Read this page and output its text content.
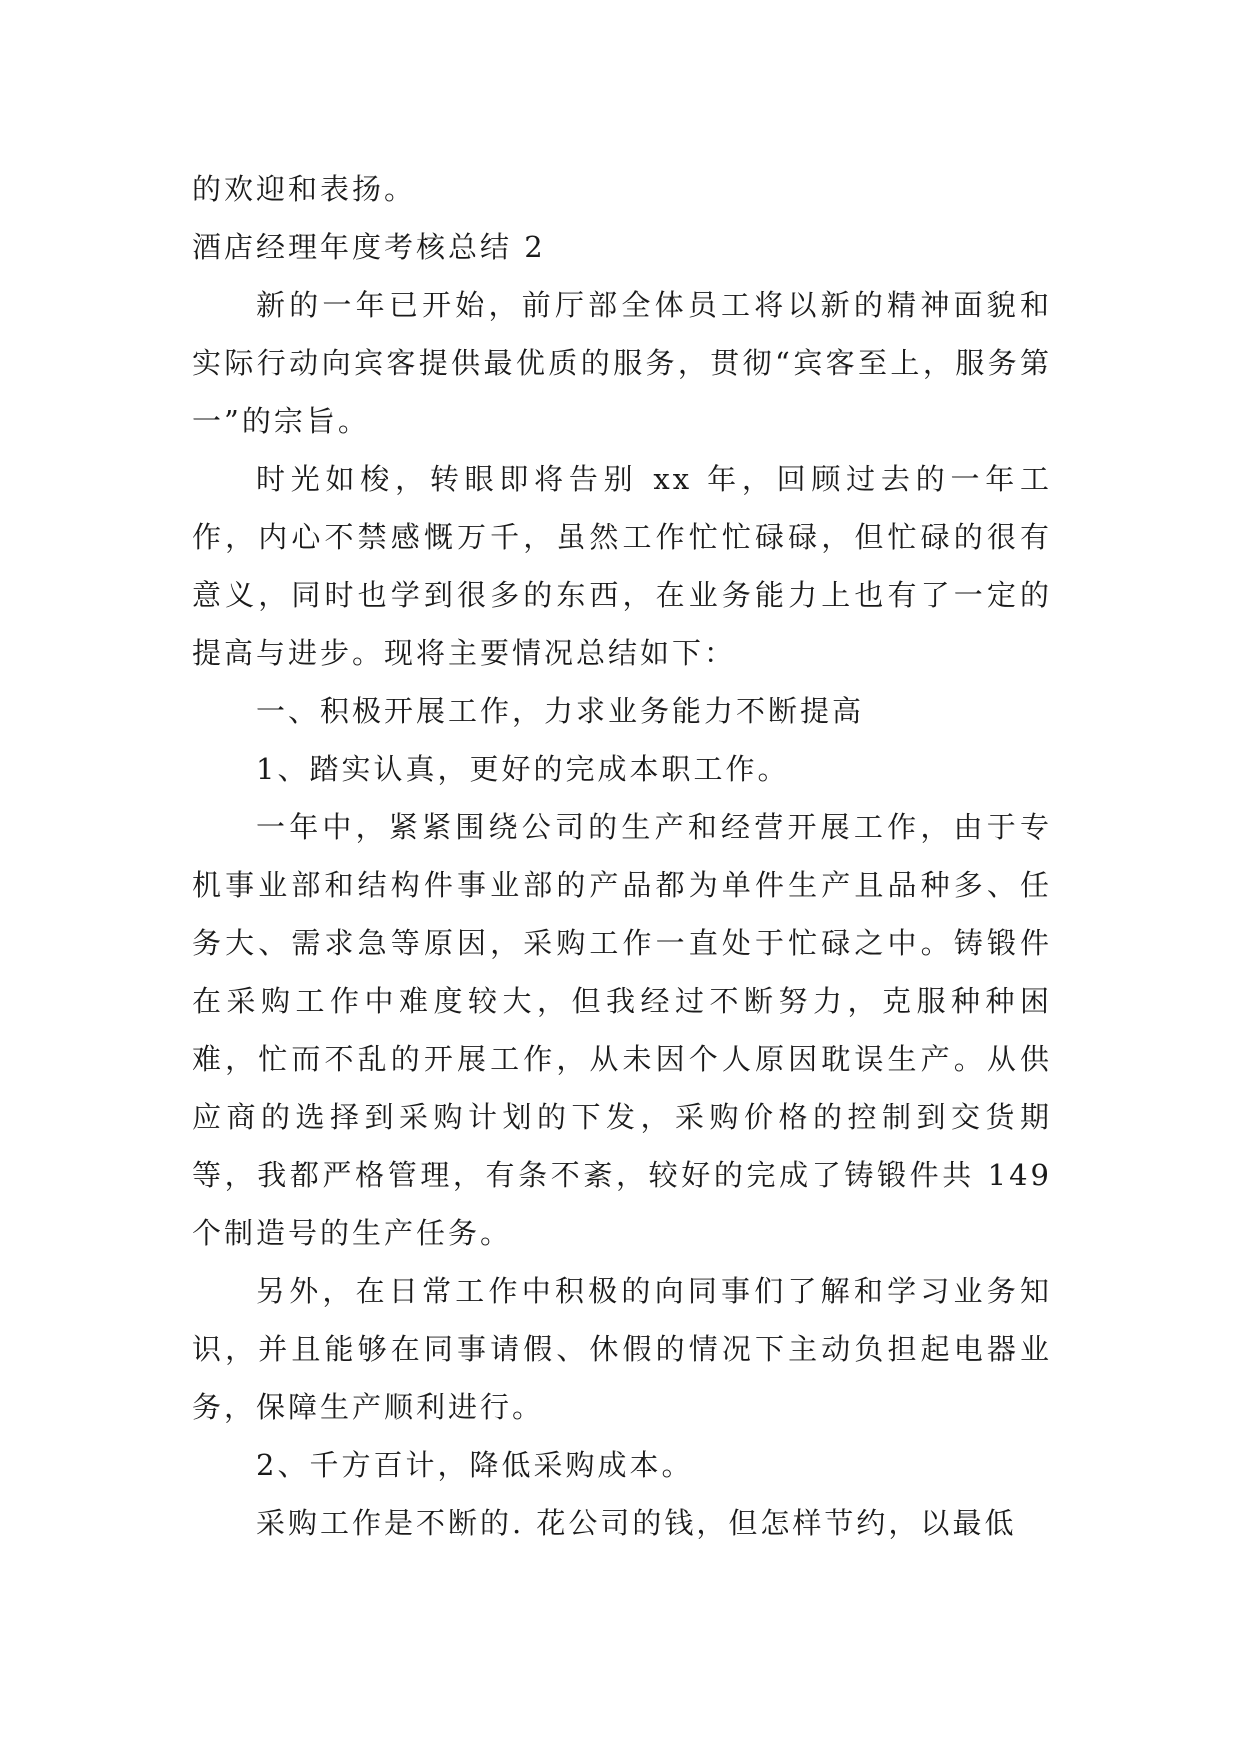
的欢迎和表扬。

酒店经理年度考核总结 2

新的一年已开始，前厅部全体员工将以新的精神面貌和实际行动向宾客提供最优质的服务，贯彻“宾客至上，服务第一”的宗旨。

时光如梭，转眼即将告别 xx 年，回顾过去的一年工作，内心不禁感慨万千，虽然工作忙忙碌碌，但忙碌的很有意义，同时也学到很多的东西，在业务能力上也有了一定的提高与进步。现将主要情况总结如下：

一、积极开展工作，力求业务能力不断提高

1、踏实认真，更好的完成本职工作。

一年中，紧紧围绕公司的生产和经营开展工作，由于专机事业部和结构件事业部的产品都为单件生产且品种多、任务大、需求急等原因，采购工作一直处于忙碌之中。铸锻件在采购工作中难度较大，但我经过不断努力，克服种种困难，忙而不乱的开展工作，从未因个人原因耽误生产。从供应商的选择到采购计划的下发，采购价格的控制到交货期等，我都严格管理，有条不紊，较好的完成了铸锻件共 149 个制造号的生产任务。

另外，在日常工作中积极的向同事们了解和学习业务知识，并且能够在同事请假、休假的情况下主动负担起电器业务，保障生产顺利进行。

2、千方百计，降低采购成本。

采购工作是不断的. 花公司的钱，但怎样节约，以最低
